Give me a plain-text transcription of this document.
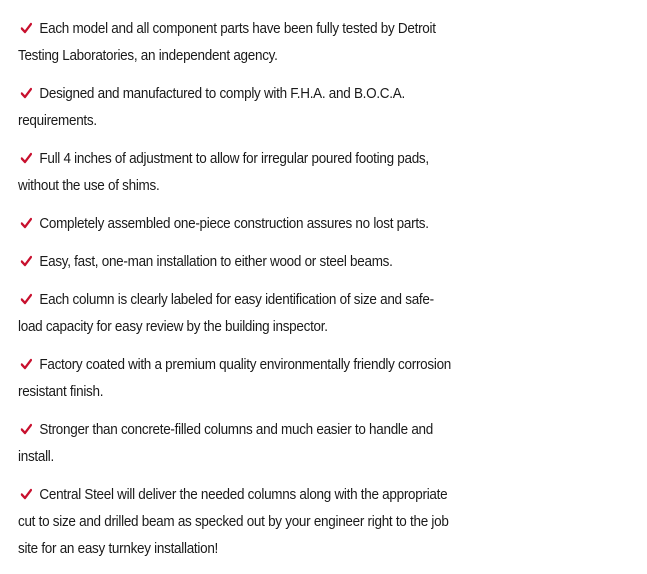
Each model and all component parts have been fully tested by Detroit Testing Laboratories, an independent agency.
Designed and manufactured to comply with F.H.A. and B.O.C.A. requirements.
Full 4 inches of adjustment to allow for irregular poured footing pads, without the use of shims.
Completely assembled one-piece construction assures no lost parts.
Easy, fast, one-man installation to either wood or steel beams.
Each column is clearly labeled for easy identification of size and safe-load capacity for easy review by the building inspector.
Factory coated with a premium quality environmentally friendly corrosion resistant finish.
Stronger than concrete-filled columns and much easier to handle and install.
Central Steel will deliver the needed columns along with the appropriate cut to size and drilled beam as specked out by your engineer right to the job site for an easy turnkey installation!
